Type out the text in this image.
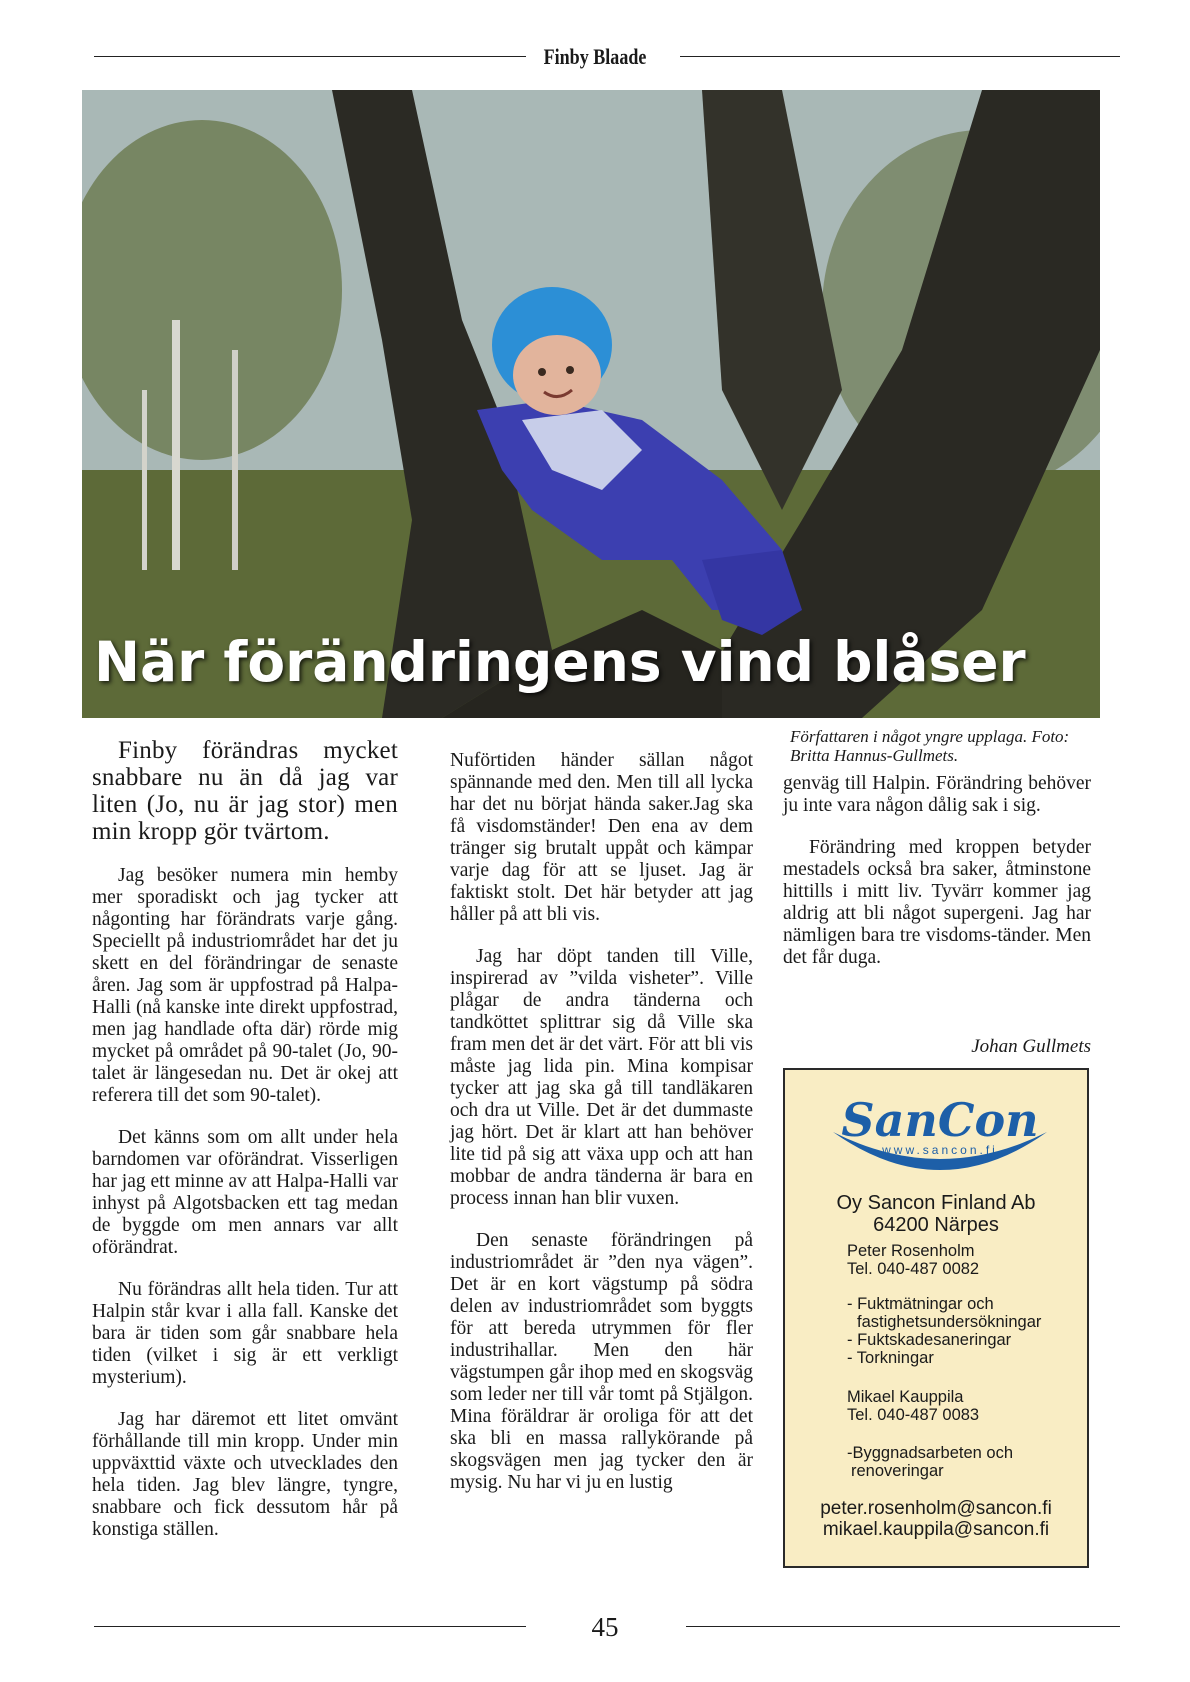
Finby Blaade
När förändringens vind blåser
Författaren i något yngre upplaga. Foto: Britta Hannus-Gullmets.

Finby förändras mycket snabbare nu än då jag var liten (Jo, nu är jag stor) men min kropp gör tvärtom.

Jag besöker numera min hemby mer sporadiskt och jag tycker att någonting har förändrats varje gång. Speciellt på industriområdet har det ju skett en del förändringar de senaste åren. Jag som är uppfostrad på Halpa-Halli (nå kanske inte direkt uppfostrad, men jag handlade ofta där) rörde mig mycket på området på 90-talet (Jo, 90-talet är längesedan nu. Det är okej att referera till det som 90-talet).

Det känns som om allt under hela barndomen var oförändrat. Visserligen har jag ett minne av att Halpa-Halli var inhyst på Algotsbacken ett tag medan de byggde om men annars var allt oförändrat.

Nu förändras allt hela tiden. Tur att Halpin står kvar i alla fall. Kanske det bara är tiden som går snabbare hela tiden (vilket i sig är ett verkligt mysterium).

Jag har däremot ett litet omvänt förhållande till min kropp. Under min uppväxttid växte och utvecklades den hela tiden. Jag blev längre, tyngre, snabbare och fick dessutom hår på konstiga ställen.

Nuförtiden händer sällan något spännande med den. Men till all lycka har det nu börjat hända saker.Jag ska få visdomständer! Den ena av dem tränger sig brutalt uppåt och kämpar varje dag för att se ljuset. Jag är faktiskt stolt. Det här betyder att jag håller på att bli vis.

Jag har döpt tanden till Ville, inspirerad av ”vilda visheter”. Ville plågar de andra tänderna och tandköttet splittrar sig då Ville ska fram men det är det värt. För att bli vis måste jag lida pin. Mina kompisar tycker att jag ska gå till tandläkaren och dra ut Ville. Det är det dummaste jag hört. Det är klart att han behöver lite tid på sig att växa upp och att han mobbar de andra tänderna är bara en process innan han blir vuxen.

Den senaste förändringen på industriområdet är ”den nya vägen”. Det är en kort vägstump på södra delen av industriområdet som byggts för att bereda utrymmen för fler industrihallar. Men den här vägstumpen går ihop med en skogsväg som leder ner till vår tomt på Stjälgon. Mina föräldrar är oroliga för att det ska bli en massa rallykörande på skogsvägen men jag tycker den är mysig. Nu har vi ju en lustig

genväg till Halpin. Förändring behöver ju inte vara någon dålig sak i sig.

Förändring med kroppen betyder mestadels också bra saker, åtminstone hittills i mitt liv. Tyvärr kommer jag aldrig att bli något supergeni. Jag har nämligen bara tre visdoms-tänder. Men det får duga.

Johan Gullmets
SanCon
www.sancon.fi
Oy Sancon Finland Ab
64200 Närpes
Peter Rosenholm
Tel. 040-487 0082
- Fuktmätningar och
fastighetsundersökningar
- Fuktskadesaneringar
- Torkningar
Mikael Kauppila
Tel. 040-487 0083
-Byggnadsarbeten och
renoveringar
peter.rosenholm@sancon.fi
mikael.kauppila@sancon.fi
45
